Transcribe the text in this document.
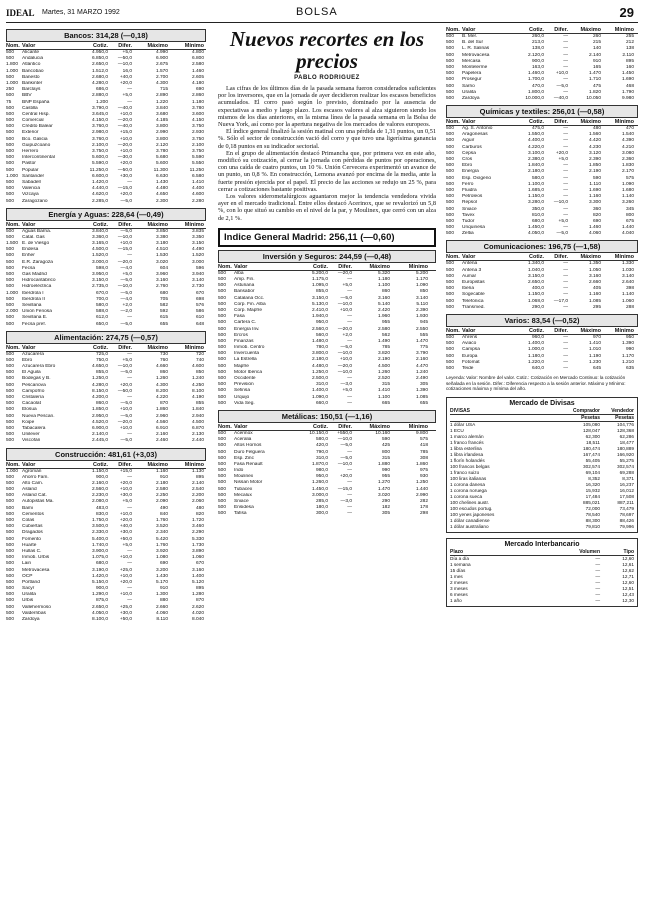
IDEAL Martes, 31 MARZO 1992	BOLSA	29
Bancos: 314,28 (—0,18)
Nom. Valor	Cotiz.	Difer.	Máximo	Mínimo
500	Alicante	4.950,0	+5,0	4.990	4.800
500	Andalucia	6.850,0	—50,0	6.900	6.800
1.800 Atlántico	2.650,0	—10,0	2.675	2.580
1.000 Bancobao	1.512,0	16,0	1.570	1.460
500	Banesto	2.680,0	+40,0	2.700	2.605
1.000 Bankinter	4.280,0	+20,0	4.300	4.180
250	Barclays	686,0	—	715	690
500	BBV	2.880,0	+5,0	2.890	2.860
75	BNP España	1.200	—	1.220	1.180
500	Castilla	3.790,0	—40,0	3.840	3.780
500	Central Hisp.	3.645,0	+10,0	3.680	3.600
500	Comercial	4.150,0	—20,0	4.185	4.150
500	Crédito Balear	3.760,0	—40,0	3.800	3.750
500	Exterior	2.980,0	+15,0	2.990	2.930
500	Bco. Galicia	3.760,0	+10,0	3.800	3.750
500	Guipuzcoano	2.100,0	—20,0	2.120	2.100
500	Herrero	3.750,0	+10,0	3.780	3.750
500	Intercontinental	5.600,0	—30,0	5.680	5.590
500	Pastor	5.590,0	+20,0	5.600	5.550
500	Popular	11.250,0	—50,0	11.300	11.250
1.000 Santander	6.600,0	+30,0	6.630	6.580
500	Sabadell	1.420,0	—	1.430	1.410
500	Valencia	4.440,0	—15,0	4.480	4.400
500	Vizcaya	4.620,0	+20,0	4.650	4.600
500	Zaragozano	2.285,0	—5,0	2.300	2.280
Energía y Aguas: 228,64 (—0,49)
Nom. Valor	Cotiz.	Difer.	Máximo	Mínimo
500	Aguas Barna.	3.840,0	—5,0	3.850	3.835
500	Catal. Gas	3.360,0	—10,0	3.380	3.350
1.500 E. de Viesgo	3.165,0	+10,0	3.180	3.150
500	Endesa	4.500,0	—15,0	4.510	4.490
500	Enher	1.520,0	—	1.530	1.520
500	E.R. Zaragoza	3.000,0	—20,0	3.020	3.000
500	Fecsa	598,0	—4,0	604	596
500	Gas Madrid	3.950,0	+5,0	3.960	3.940
500	Hidrocantábrico	3.150,0	—5,0	3.160	3.140
500	Hidroeléctrica	2.735,0	—10,0	2.760	2.730
1.000 Iberdrola I	670,0	—5,0	680	670
500	Iberdrola II	700,0	—4,0	705	698
500	Sevillana	580,0	+2,0	582	576
2.000 Unión Fenosa	588,0	—2,0	592	586
500	Sevillana E.	612,0	—	615	610
500	Fecsa pref.	650,0	—5,0	655	648
Alimentación: 274,75 (—0,57)
Nom. Valor	Cotiz.	Difer.	Máximo	Mínimo
500	Azucarera	725,0	—	730	720
500	Ebro	750,0	+5,0	760	740
500	Azucarera Ebro	4.650,0	—10,0	4.660	4.600
500	El Aguila	855,0	—5,0	860	850
500	Bodegas y B.	1.250,0	—	1.260	1.240
500	Pescanova	4.280,0	+20,0	4.300	4.250
500	Campofrío	8.150,0	—50,0	8.200	8.100
500	Cristalería	4.200,0	—	4.220	4.190
500	Cacaolat	860,0	—5,0	870	855
500	Elosua	1.850,0	+10,0	1.860	1.840
500	Nueva Pescan.	2.950,0	—5,0	2.960	2.940
500	Koipe	4.520,0	—20,0	4.560	4.500
500	Tabacalera	6.900,0	+10,0	6.910	6.870
500	Unilever	2.140,0	—	2.160	2.130
500	Viscofán	2.445,0	—5,0	2.460	2.440
Construcción: 481,61 (+3,03)
Nom. Valor	Cotiz.	Difer.	Máximo	Mínimo
1.000 Agromán	1.150,0	+15,0	1.160	1.130
500	Ahorro Fam.	900,0	—	910	895
500	Alto Cam.	2.160,0	+20,0	2.180	2.140
500	Asland	2.560,0	+10,0	2.580	2.540
500	Asland Cat.	2.230,0	+30,0	2.250	2.200
500	Autopistas Ma.	2.080,0	+5,0	2.090	2.060
500	Bami	483,0	—	490	480
500	Cementos	830,0	+10,0	840	820
500	Colas	1.750,0	+20,0	1.760	1.720
500	Cubiertas	3.500,0	+40,0	3.520	3.460
500	Dragados	2.330,0	+30,0	2.340	2.290
500	Fomento	5.400,0	+50,0	5.420	5.330
500	Huarte	1.740,0	+5,0	1.760	1.730
500	Hullas C.	3.900,0	—	3.920	3.890
500	Inmob. Urbis	1.075,0	+10,0	1.080	1.060
500	Lain	680,0	—	690	670
500	Metrovacesa	3.190,0	+25,0	3.200	3.160
500	OCP	1.420,0	+10,0	1.430	1.400
500	Portland	5.150,0	+20,0	5.170	5.120
500	Sacyr	900,0	—	910	895
500	Uralita	1.290,0	+10,0	1.300	1.280
500	Urbis	875,0	—	880	870
500	Vallehermoso	2.650,0	+25,0	2.660	2.620
500	Valderribas	4.050,0	+30,0	4.060	4.020
500	Zardoya	8.100,0	+50,0	8.110	8.040
Nuevos recortes en los precios
PABLO RODRIGUEZ

Las cifras de los últimos días de la pasada semana fueron considerados suficientes por los inversores, que en la jornada de ayer decidieron realizar los escasos beneficios acumulados. El corro pasó según lo previsto, dominado por la ausencia de expectativas a medio y largo plazo. Los escasos valores al alza siguieron siendo los mismos de los días anteriores, en la misma línea de la pasada semana en la Bolsa de Nueva York, así como por la apertura negativa de los mercados de valores europeos.

El índice general finalizó la sesión matinal con una pérdida de 1,31 puntos, un 0,51 %. Sólo el sector de construcción vació del corro y que tuvo una ligerísima ganancia de 0,18 puntos en su indicador sectorial.

En el grupo de alimentación destacó Primancha que, por primera vez en este año, modificó su cotización, al cerrar la jornada con pérdidas de puntos por operaciones, con una caída de cuatro puntos, un 10 %. Unión Cervecera experimentó un avance de un punto, un 0,8 %. En construcción, Lemona avanzó por encima de la media, ante la fuerte presión ejercida por el papel. El precio de las acciones se redujo un 25 %, para cerrar a cotizaciones bastante positivas.

Los valores siderometalúrgicos aguantaron mejor la tendencia vendedora vivida ayer en el mercado tradicional. Entre ellos destacó Acerinox, que se revalorizó un 5,8 %, con lo que situó su cambio en el nivel de la par, y Moulinex, que cerró con un alza de 2,1 %.

Indice General Madrid: 256,11 (—0,60)
Inversión y Seguros: 244,59 (—0,48)
Nom. Valor	Cotiz.	Difer.	Máximo	Mínimo
500	Alba	5.200,0	—20,0	5.320	5.200
500	Amp. Fin.	1.175,0	—	1.180	1.170
500	Asturiana	1.095,0	+5,0	1.100	1.090
500	Bansabor	855,0	—	860	850
500	Catalana Occ.	3.150,0	—5,0	3.160	3.140
500	Corp. Fin. Alba	5.130,0	—10,0	5.140	5.110
500	Corp. Mapfre	2.410,0	+10,0	2.420	2.390
500	Fasa	1.940,0	—	1.960	1.930
500	Cartera C.	950,0	—	955	945
500	Energía Inv.	2.560,0	—20,0	2.580	2.550
500	Ercros	560,0	+2,0	562	555
500	Finanzas	1.480,0	—	1.490	1.470
500	Inmob. Centro	780,0	—5,0	785	775
500	Invercuenta	3.800,0	—10,0	3.820	3.790
500	La Estrella	2.180,0	+10,0	2.190	2.160
500	Mapfre	4.480,0	—20,0	4.500	4.470
500	Motor Ibérica	1.250,0	—10,0	1.260	1.240
500	Occidente	2.500,0	—	2.520	2.490
500	Previsión	310,0	—3,0	315	305
500	Sefinsa	1.400,0	+5,0	1.410	1.390
500	Urquijo	1.090,0	—	1.100	1.085
500	Vida Seg.	660,0	—	665	655
Metálicas: 150,51 (—1,16)
Nom. Valor	Cotiz.	Difer.	Máximo	Mínimo
500	Acerinox	10.150,0	+550,0	10.160	9.800
500	Aceralia	580,0	—10,0	590	575
500	Altos Hornos	420,0	—5,0	425	418
500	Duro Felguera	790,0	—	800	785
500	Esp. Zinc	310,0	—5,0	315	308
500	Fasa Renault	1.870,0	—10,0	1.880	1.860
500	Indo	980,0	—	990	975
500	Moulinex	950,0	+20,0	955	930
500	Nissan Motor	1.260,0	—	1.270	1.250
500	Tubacex	1.450,0	—15,0	1.470	1.440
500	Mecalux	3.000,0	—	3.020	2.990
500	Sniace	285,0	—3,0	290	282
500	Ensidesa	180,0	—	182	178
500	Tafisa	300,0	—	305	298
Nom. Valor	Cotiz.	Difer.	Máximo	Mínimo
500	B. Mer.	260,0	—	260	255
500	B. del Sur	213,0	—	215	212
500	L. R. Salinas	138,0	—	140	138
500	Metrovacesa	2.120,0	—	2.140	2.110
500	Mercasa	900,0	—	910	895
500	Montelerme	163,0	—	165	160
500	Papelera	1.460,0	+10,0	1.470	1.450
500	Prosegur	1.700,0	—	1.710	1.690
500	Sarrio	470,0	—5,0	475	468
500	Uralita	1.800,0	—	1.820	1.790
500	Zardoya	10.000,0	—40,0	10.050	9.980
Químicas y textiles: 256,01 (—0,58)
Nom. Valor	Cotiz.	Difer.	Máximo	Mínimo
500	Ag. S. Antonio	475,0	—	480	470
500	Aragonesas	1.550,0	—	1.560	1.540
500	Aiguir	4.400,0	—	4.420	4.390
500	Carburos	4.220,0	—	4.230	4.210
500	Cepsa	3.100,0	+20,0	3.120	3.080
500	Cros	2.380,0	+5,0	2.390	2.360
500	Ebro	1.840,0	—	1.850	1.830
500	Energía	2.180,0	—	2.190	2.170
500	Esp. Oxígeno	580,0	—	590	575
500	Ferro	1.100,0	—	1.110	1.090
500	Fluidra	1.685,0	—	1.690	1.680
500	Petroleos	1.150,0	—	1.160	1.140
500	Repsol	3.280,0	—10,0	3.300	3.260
500	Sniace	350,0	—	360	345
500	Tavex	810,0	—	820	800
500	Tudor	680,0	+5,0	690	675
500	Unquinesa	1.450,0	—	1.460	1.440
500	Zeltia	4.050,0	—5,0	4.060	4.040
Comunicaciones: 196,75 (—1,58)
Nom. Valor	Cotiz.	Difer.	Máximo	Mínimo
500	Antena	1.340,0	—	1.350	1.330
500	Antena 3	1.040,0	—	1.050	1.030
500	Aumar	3.150,0	—	3.160	3.140
500	Europistas	2.650,0	—	2.660	2.640
500	Iberia	400,0	—	405	398
500	Sogecable	1.150,0	—	1.160	1.140
500	Telefónica	1.068,0	—17,0	1.085	1.060
500	Transmed.	290,0	—	295	288
Varios: 83,54 (—0,52)
Nom. Valor	Cotiz.	Difer.	Máximo	Mínimo
500	Ahrens	960,0	—	970	950
500	Aviaco	1.400,0	—	1.410	1.390
500	Campsa	1.000,0	—	1.010	990
500	Europa	1.180,0	—	1.190	1.170
500	Fotomat	1.220,0	—	1.230	1.210
500	Teide	640,0	—	645	635
Leyenda: Valor: Nombre del valor. Cotiz.: Cotización en Mercado Continuo: la cotización señalada en la sesión. Difer.: Diferencia respecto a la sesión anterior. Máximo y Mínimo: cotizaciones máxima y mínima del año.
Mercado de Divisas
DIVISAS	Comprador	Vendedor
Pesetas	Pesetas
1 dólar USA	105,080	104,776
1 ECU	128,047	128,368
1 marco alemán	62,300	62,286
1 franco francés	18,511	18,477
1 libra esterlina	180,474	180,889
1 libra irlandesa	167,474	166,920
1 florín holandés	55,405	55,275
100 francos belgas	302,574	302,574
1 franco suizo	69,104	69,288
100 liras italianas	8,352	8,371
1 corona danesa	16,320	16,237
1 corona noruega	15,932	16,012
1 corona sueca	17,484	17,508
100 chelines austr.	885,021	887,211
100 escudos portug.	72,000	73,479
100 yenes japoneses	78,540	78,697
1 dólar canadiense	88,300	88,426
1 dólar australiano	79,810	79,996
Mercado Interbancario
Plazo	Volumen	Tipo
Día a día	—	12,60
1 semana	—	12,61
15 días	—	12,62
1 mes	—	12,71
2 meses	—	12,60
3 meses	—	12,51
6 meses	—	12,43
1 año	—	12,30
